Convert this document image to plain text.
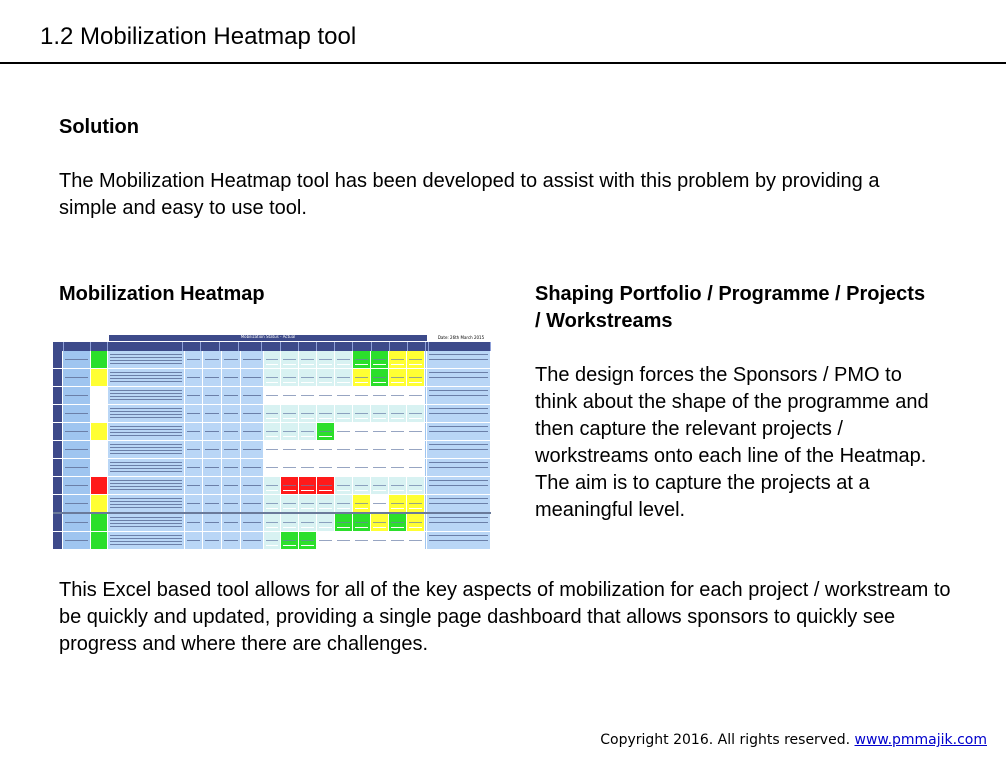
1.2 Mobilization Heatmap tool
Solution
The Mobilization Heatmap tool has been developed to assist with this problem by providing a simple and easy to use tool.
Mobilization Heatmap
Mobilization Status - Actual	Date: 26th March 2015
Shaping Portfolio / Programme / Projects / Workstreams
The design forces the Sponsors / PMO to think about the shape of the programme and then capture the relevant projects / workstreams onto each line of the Heatmap. The aim is to capture the projects at a meaningful level.
This Excel based tool allows for all of the key aspects of mobilization for each project / workstream to be quickly and updated, providing a single page dashboard that allows sponsors to quickly see progress and where there are challenges.
Copyright 2016. All rights reserved. www.pmmajik.com
